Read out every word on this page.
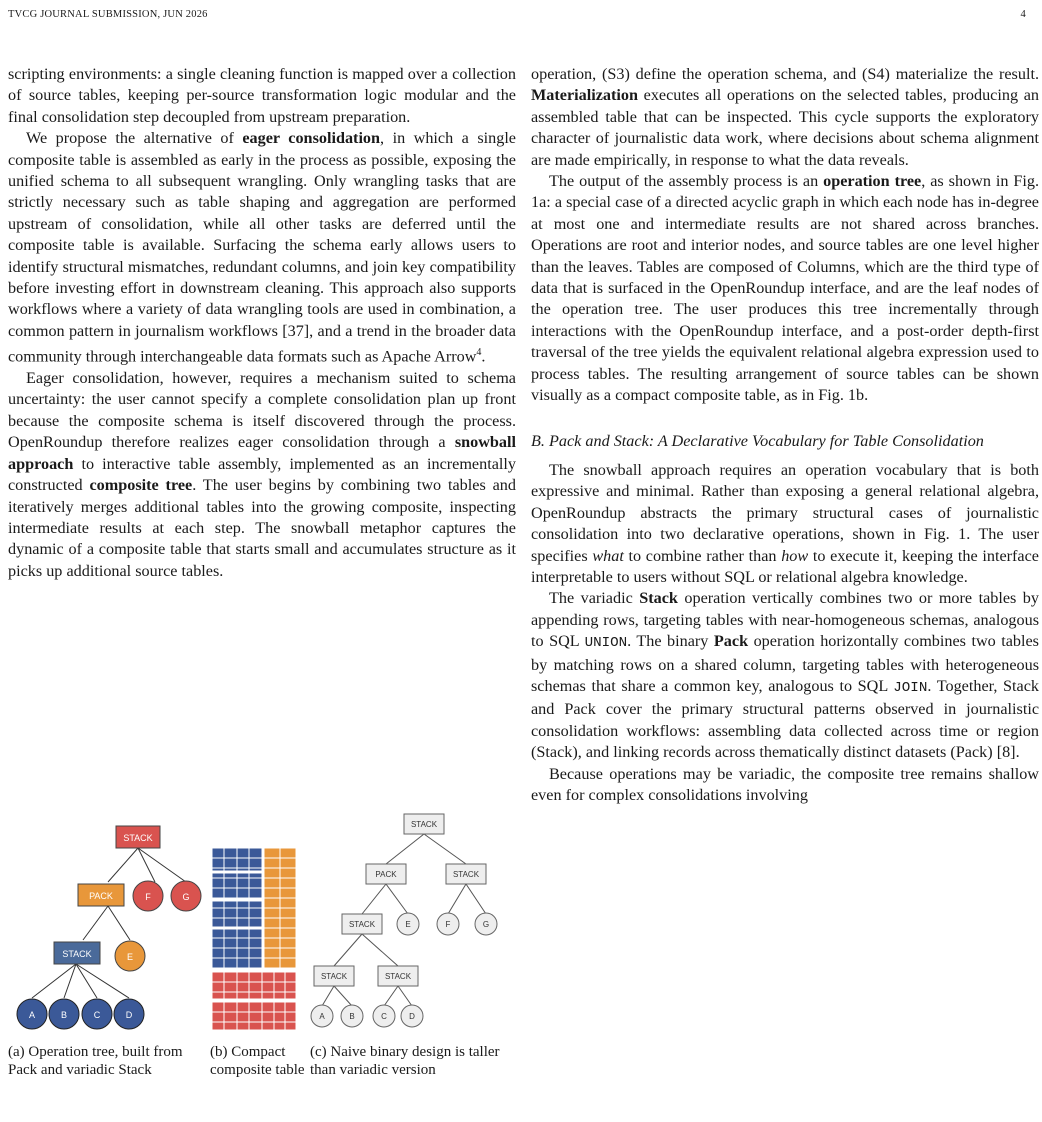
TVCG JOURNAL SUBMISSION, JUN 2026	4

scripting environments: a single cleaning function is mapped over a collection of source tables, keeping per-source transformation logic modular and the final consolidation step decoupled from upstream preparation.

We propose the alternative of eager consolidation, in which a single composite table is assembled as early in the process as possible, exposing the unified schema to all subsequent wrangling. Only wrangling tasks that are strictly necessary such as table shaping and aggregation are performed upstream of consolidation, while all other tasks are deferred until the composite table is available. Surfacing the schema early allows users to identify structural mismatches, redundant columns, and join key compatibility before investing effort in downstream cleaning. This approach also supports workflows where a variety of data wrangling tools are used in combination, a common pattern in journalism workflows [37], and a trend in the broader data community through interchangeable data formats such as Apache Arrow$^4$.

Eager consolidation, however, requires a mechanism suited to schema uncertainty: the user cannot specify a complete consolidation plan up front because the composite schema is itself discovered through the process. OpenRoundup therefore realizes eager consolidation through a snowball approach to interactive table assembly, implemented as an incrementally constructed composite tree. The user begins by combining two tables and iteratively merges additional tables into the growing composite, inspecting intermediate results at each step. The snowball metaphor captures the dynamic of a composite table that starts small and accumulates structure as it picks up additional source tables.

STACK
PACK	F	G
STACK	E
A	B	C	D
STACK
PACK	STACK
STACK	E	F	G
STACK	STACK
A	B	C	D
(a) Operation tree, built from Pack and variadic Stack
(b) Compact composite table
(c) Naive binary design is taller than variadic version

operation, (S3) define the operation schema, and (S4) materialize the result. Materialization executes all operations on the selected tables, producing an assembled table that can be inspected. This cycle supports the exploratory character of journalistic data work, where decisions about schema alignment are made empirically, in response to what the data reveals.

The output of the assembly process is an operation tree, as shown in Fig. 1a: a special case of a directed acyclic graph in which each node has in-degree at most one and intermediate results are not shared across branches. Operations are root and interior nodes, and source tables are one level higher than the leaves. Tables are composed of Columns, which are the third type of data that is surfaced in the OpenRoundup interface, and are the leaf nodes of the operation tree. The user produces this tree incrementally through interactions with the OpenRoundup interface, and a post-order depth-first traversal of the tree yields the equivalent relational algebra expression used to process tables. The resulting arrangement of source tables can be shown visually as a compact composite table, as in Fig. 1b.

B. Pack and Stack: A Declarative Vocabulary for Table Consolidation

The snowball approach requires an operation vocabulary that is both expressive and minimal. Rather than exposing a general relational algebra, OpenRoundup abstracts the primary structural cases of journalistic consolidation into two declarative operations, shown in Fig. 1. The user specifies what to combine rather than how to execute it, keeping the interface interpretable to users without SQL or relational algebra knowledge.

The variadic Stack operation vertically combines two or more tables by appending rows, targeting tables with near-homogeneous schemas, analogous to SQL UNION. The binary Pack operation horizontally combines two tables by matching rows on a shared column, targeting tables with heterogeneous schemas that share a common key, analogous to SQL JOIN. Together, Stack and Pack cover the primary structural patterns observed in journalistic consolidation workflows: assembling data collected across time or region (Stack), and linking records across thematically distinct datasets (Pack) [8].

Because operations may be variadic, the composite tree remains shallow even for complex consolidations involving
